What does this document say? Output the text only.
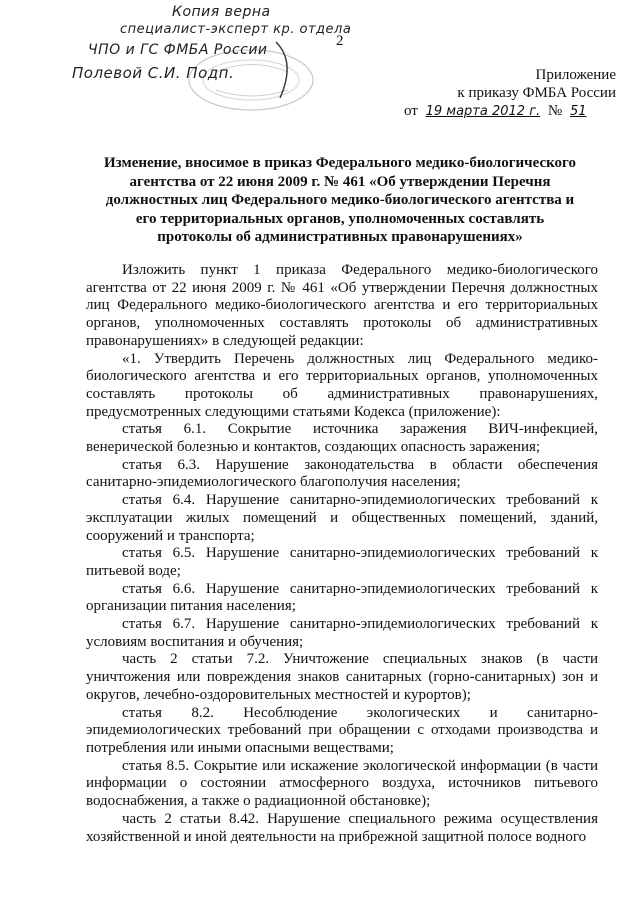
2
Копия верна
специалист-эксперт кр. отдела
ЧПО и ГС ФМБА России
Полевой С.И. Подп.	Приложение
к приказу ФМБА России
от 19 марта 2012 г. № 51
Изменение, вносимое в приказ Федерального медико-биологического агентства от 22 июня 2009 г. № 461 «Об утверждении Перечня должностных лиц Федерального медико-биологического агентства и его территориальных органов, уполномоченных составлять протоколы об административных правонарушениях»

Изложить пункт 1 приказа Федерального медико-биологического агентства от 22 июня 2009 г. № 461 «Об утверждении Перечня должностных лиц Федерального медико-биологического агентства и его территориальных органов, уполномоченных составлять протоколы об административных правонарушениях» в следующей редакции:

«1. Утвердить Перечень должностных лиц Федерального медико-биологического агентства и его территориальных органов, уполномоченных составлять протоколы об административных правонарушениях, предусмотренных следующими статьями Кодекса (приложение):

статья 6.1. Сокрытие источника заражения ВИЧ-инфекцией, венерической болезнью и контактов, создающих опасность заражения;

статья 6.3. Нарушение законодательства в области обеспечения санитарно-эпидемиологического благополучия населения;

статья 6.4. Нарушение санитарно-эпидемиологических требований к эксплуатации жилых помещений и общественных помещений, зданий, сооружений и транспорта;

статья 6.5. Нарушение санитарно-эпидемиологических требований к питьевой воде;

статья 6.6. Нарушение санитарно-эпидемиологических требований к организации питания населения;

статья 6.7. Нарушение санитарно-эпидемиологических требований к условиям воспитания и обучения;

часть 2 статьи 7.2. Уничтожение специальных знаков (в части уничтожения или повреждения знаков санитарных (горно-санитарных) зон и округов, лечебно-оздоровительных местностей и курортов);

статья 8.2. Несоблюдение экологических и санитарно-эпидемиологических требований при обращении с отходами производства и потребления или иными опасными веществами;

статья 8.5. Сокрытие или искажение экологической информации (в части информации о состоянии атмосферного воздуха, источников питьевого водоснабжения, а также о радиационной обстановке);

часть 2 статьи 8.42. Нарушение специального режима осуществления хозяйственной и иной деятельности на прибрежной защитной полосе водного
